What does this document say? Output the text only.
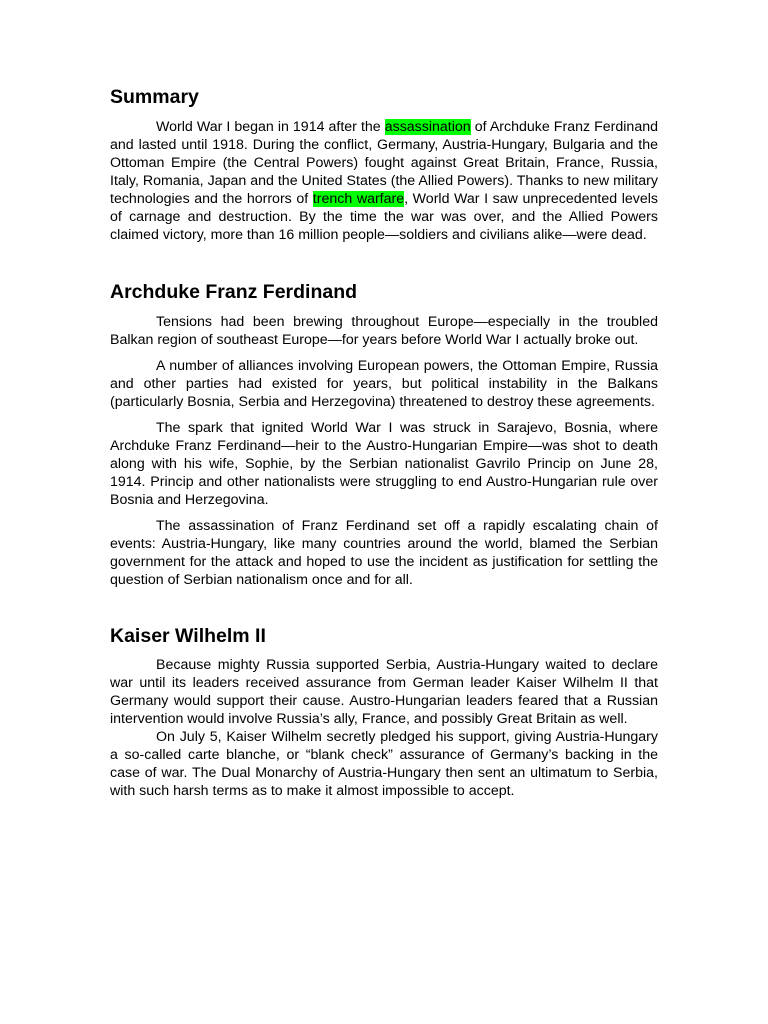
Summary

World War I began in 1914 after the assassination of Archduke Franz Ferdinand and lasted until 1918. During the conflict, Germany, Austria-Hungary, Bulgaria and the Ottoman Empire (the Central Powers) fought against Great Britain, France, Russia, Italy, Romania, Japan and the United States (the Allied Powers). Thanks to new military technologies and the horrors of trench warfare, World War I saw unprecedented levels of carnage and destruction. By the time the war was over, and the Allied Powers claimed victory, more than 16 million people—soldiers and civilians alike—were dead.

Archduke Franz Ferdinand

Tensions had been brewing throughout Europe—especially in the troubled Balkan region of southeast Europe—for years before World War I actually broke out.

A number of alliances involving European powers, the Ottoman Empire, Russia and other parties had existed for years, but political instability in the Balkans (particularly Bosnia, Serbia and Herzegovina) threatened to destroy these agreements.

The spark that ignited World War I was struck in Sarajevo, Bosnia, where Archduke Franz Ferdinand—heir to the Austro-Hungarian Empire—was shot to death along with his wife, Sophie, by the Serbian nationalist Gavrilo Princip on June 28, 1914. Princip and other nationalists were struggling to end Austro-Hungarian rule over Bosnia and Herzegovina.

The assassination of Franz Ferdinand set off a rapidly escalating chain of events: Austria-Hungary, like many countries around the world, blamed the Serbian government for the attack and hoped to use the incident as justification for settling the question of Serbian nationalism once and for all.

Kaiser Wilhelm II

Because mighty Russia supported Serbia, Austria-Hungary waited to declare war until its leaders received assurance from German leader Kaiser Wilhelm II that Germany would support their cause. Austro-Hungarian leaders feared that a Russian intervention would involve Russia’s ally, France, and possibly Great Britain as well.

On July 5, Kaiser Wilhelm secretly pledged his support, giving Austria-Hungary a so-called carte blanche, or “blank check” assurance of Germany’s backing in the case of war. The Dual Monarchy of Austria-Hungary then sent an ultimatum to Serbia, with such harsh terms as to make it almost impossible to accept.
